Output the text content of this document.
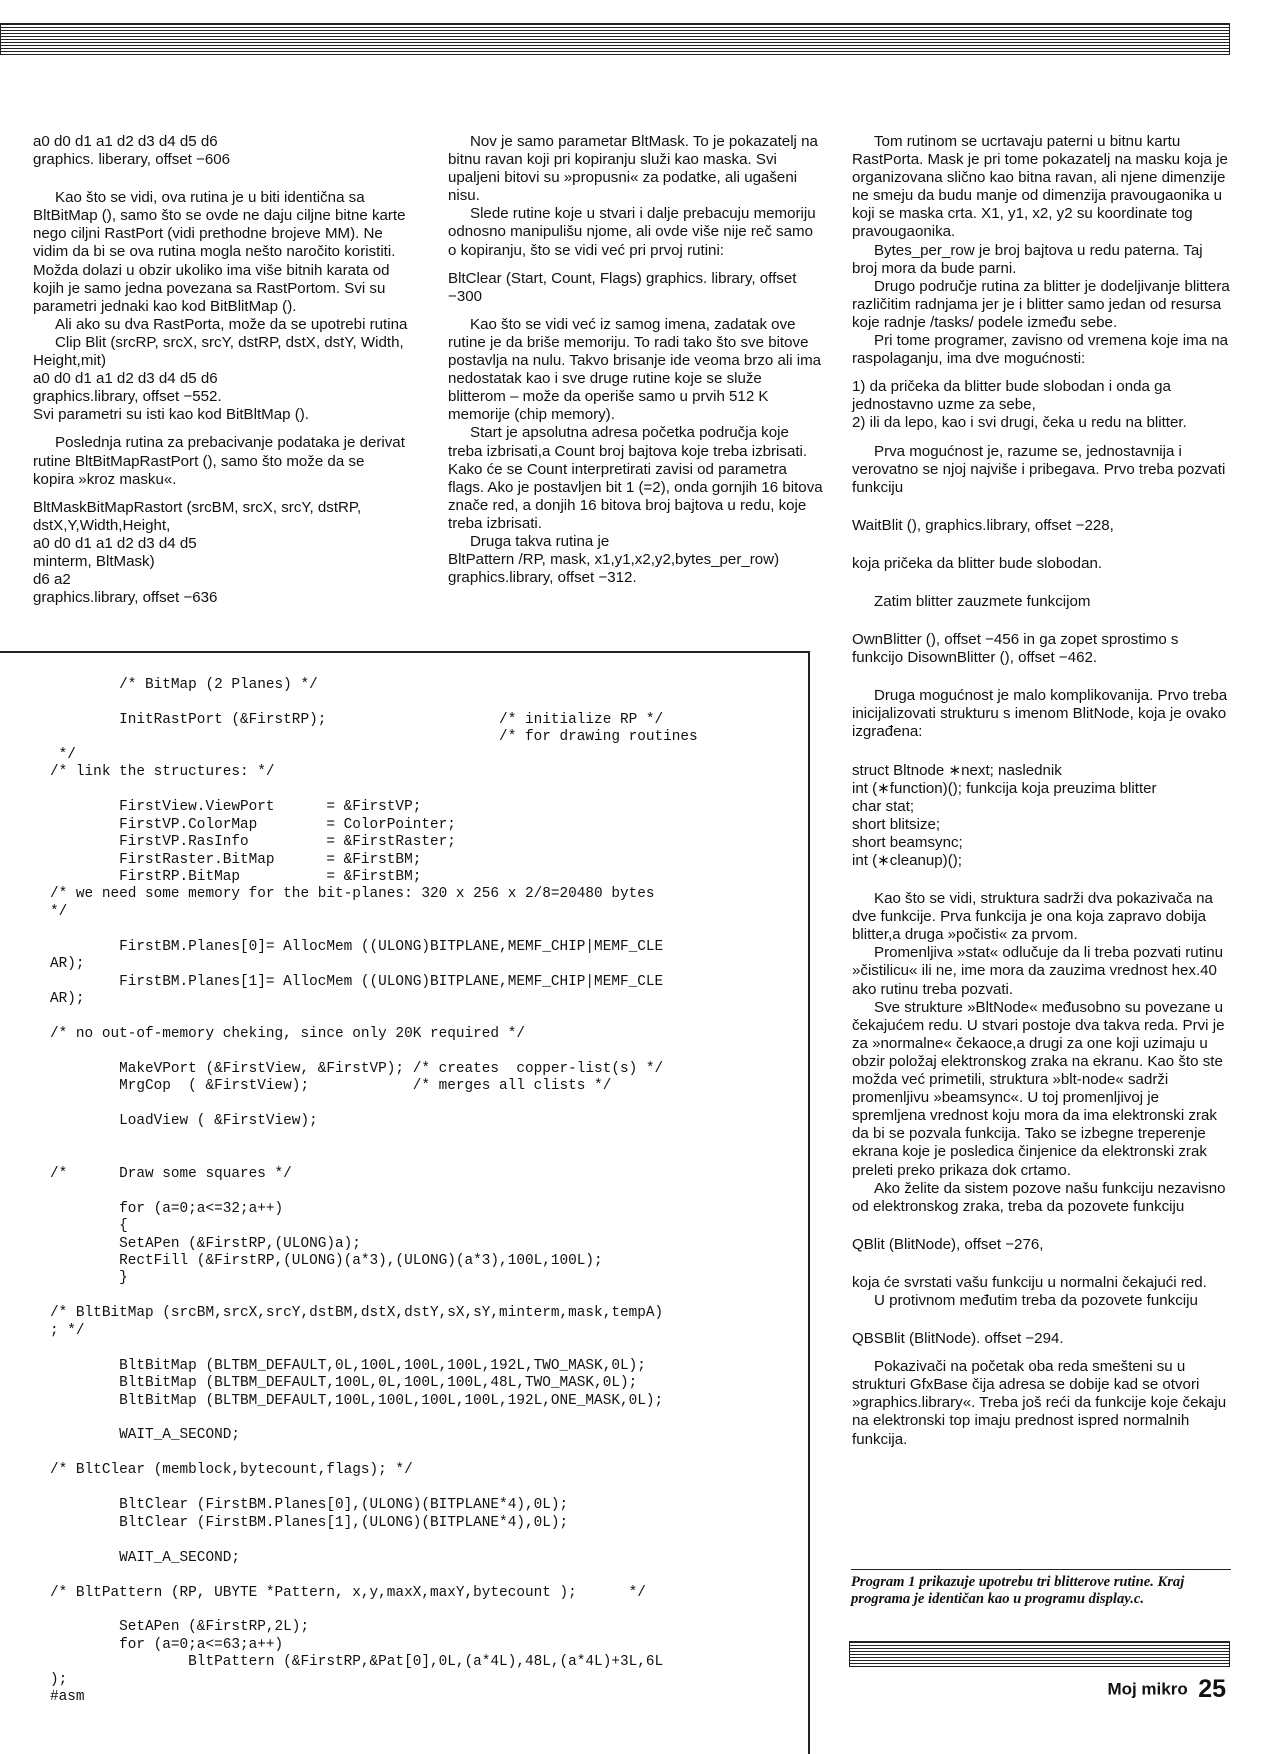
a0 d0 d1 a1 d2 d3 d4 d5 d6

graphics. liberary, offset −606

Kao što se vidi, ova rutina je u biti identična sa BltBitMap (), samo što se ovde ne daju ciljne bitne karte nego ciljni RastPort (vidi prethodne brojeve MM). Ne vidim da bi se ova rutina mogla nešto naročito koristiti. Možda dolazi u obzir ukoliko ima više bitnih karata od kojih je samo jedna povezana sa RastPortom. Svi su parametri jednaki kao kod BitBlitMap ().

Ali ako su dva RastPorta, može da se upotrebi rutina

Clip Blit (srcRP, srcX, srcY, dstRP, dstX, dstY, Width, Height,mit)

a0 d0 d1 a1 d2 d3 d4 d5 d6

graphics.library, offset −552.

Svi parametri su isti kao kod BitBltMap ().

Poslednja rutina za prebacivanje podataka je derivat rutine BltBitMapRastPort (), samo što može da se kopira »kroz masku«.

BltMaskBitMapRastort (srcBM, srcX, srcY, dstRP, dstX,Y,Width,Height,

a0 d0 d1 a1 d2 d3 d4 d5

minterm, BltMask)

d6 a2

graphics.library, offset −636

Nov je samo parametar BltMask. To je pokazatelj na bitnu ravan koji pri kopiranju služi kao maska. Svi upaljeni bitovi su »propusni« za podatke, ali ugašeni nisu.

Slede rutine koje u stvari i dalje prebacuju memoriju odnosno manipulišu njome, ali ovde više nije reč samo o kopiranju, što se vidi već pri prvoj rutini:

BltClear (Start, Count, Flags) graphics. library, offset −300

Kao što se vidi već iz samog imena, zadatak ove rutine je da briše memoriju. To radi tako što sve bitove postavlja na nulu. Takvo brisanje ide veoma brzo ali ima nedostatak kao i sve druge rutine koje se služe blitterom – može da operiše samo u prvih 512 K memorije (chip memory).

Start je apsolutna adresa početka područja koje treba izbrisati,a Count broj bajtova koje treba izbrisati. Kako će se Count interpretirati zavisi od parametra flags. Ako je postavljen bit 1 (=2), onda gornjih 16 bitova znače red, a donjih 16 bitova broj bajtova u redu, koje treba izbrisati.

Druga takva rutina je

BltPattern /RP, mask, x1,y1,x2,y2,bytes_per_row)

graphics.library, offset −312.

Tom rutinom se ucrtavaju paterni u bitnu kartu RastPorta. Mask je pri tome pokazatelj na masku koja je organizovana slično kao bitna ravan, ali njene dimenzije ne smeju da budu manje od dimenzija pravougaonika u koji se maska crta. X1, y1, x2, y2 su koordinate tog pravougaonika.

Bytes_per_row je broj bajtova u redu paterna. Taj broj mora da bude parni.

Drugo područje rutina za blitter je dodeljivanje blittera različitim radnjama jer je i blitter samo jedan od resursa koje radnje /tasks/ podele između sebe.

Pri tome programer, zavisno od vremena koje ima na raspolaganju, ima dve mogućnosti:

1) da pričeka da blitter bude slobodan i onda ga jednostavno uzme za sebe,

2) ili da lepo, kao i svi drugi, čeka u redu na blitter.

Prva mogućnost je, razume se, jednostavnija i verovatno se njoj najviše i pribegava. Prvo treba pozvati funkciju

WaitBlit (), graphics.library, offset −228,

koja pričeka da blitter bude slobodan.

Zatim blitter zauzmete funkcijom

OwnBlitter (), offset −456 in ga zopet sprostimo s funkcijo DisownBlitter (), offset −462.

Druga mogućnost je malo komplikovanija. Prvo treba inicijalizovati strukturu s imenom BlitNode, koja je ovako izgrađena:

struct Bltnode ∗next; naslednik

int (∗function)(); funkcija koja preuzima blitter

char stat;

short blitsize;

short beamsync;

int (∗cleanup)();

Kao što se vidi, struktura sadrži dva pokazivača na dve funkcije. Prva funkcija je ona koja zapravo dobija blitter,a druga »počisti« za prvom.

Promenljiva »stat« odlučuje da li treba pozvati rutinu »čistilicu« ili ne, ime mora da zauzima vrednost hex.40 ako rutinu treba pozvati.

Sve strukture »BltNode« međusobno su povezane u čekajućem redu. U stvari postoje dva takva reda. Prvi je za »normalne« čekaoce,a drugi za one koji uzimaju u obzir položaj elektronskog zraka na ekranu. Kao što ste možda već primetili, struktura »blt-node« sadrži promenljivu »beamsync«. U toj promenljivoj je spremljena vrednost koju mora da ima elektronski zrak da bi se pozvala funkcija. Tako se izbegne treperenje ekrana koje je posledica činjenice da elektronski zrak preleti preko prikaza dok crtamo.

Ako želite da sistem pozove našu funkciju nezavisno od elektronskog zraka, treba da pozovete funkciju

QBlit (BlitNode), offset −276,

koja će svrstati vašu funkciju u normalni čekajući red.

U protivnom međutim treba da pozovete funkciju

QBSBlit (BlitNode). offset −294.

Pokazivači na početak oba reda smešteni su u strukturi GfxBase čija adresa se dobije kad se otvori »graphics.library«. Treba još reći da funkcije koje čekaju na elektronski top imaju prednost ispred normalnih funkcija.

/* BitMap (2 Planes) */

InitRastPort (&FirstRP);                    /* initialize RP */
/* for drawing routines
*/
/* link the structures: */

FirstView.ViewPort      = &FirstVP;
FirstVP.ColorMap        = ColorPointer;
FirstVP.RasInfo         = &FirstRaster;
FirstRaster.BitMap      = &FirstBM;
FirstRP.BitMap          = &FirstBM;
/* we need some memory for the bit-planes: 320 x 256 x 2/8=20480 bytes
*/

FirstBM.Planes[0]= AllocMem ((ULONG)BITPLANE,MEMF_CHIP|MEMF_CLE
AR);
FirstBM.Planes[1]= AllocMem ((ULONG)BITPLANE,MEMF_CHIP|MEMF_CLE
AR);

/* no out-of-memory cheking, since only 20K required */

MakeVPort (&FirstView, &FirstVP); /* creates  copper-list(s) */
MrgCop  ( &FirstView);            /* merges all clists */

LoadView ( &FirstView);

/*      Draw some squares */

for (a=0;a<=32;a++)
{
SetAPen (&FirstRP,(ULONG)a);
RectFill (&FirstRP,(ULONG)(a*3),(ULONG)(a*3),100L,100L);
}

/* BltBitMap (srcBM,srcX,srcY,dstBM,dstX,dstY,sX,sY,minterm,mask,tempA)
; */

BltBitMap (BLTBM_DEFAULT,0L,100L,100L,100L,192L,TWO_MASK,0L);
BltBitMap (BLTBM_DEFAULT,100L,0L,100L,100L,48L,TWO_MASK,0L);
BltBitMap (BLTBM_DEFAULT,100L,100L,100L,100L,192L,ONE_MASK,0L);

WAIT_A_SECOND;

/* BltClear (memblock,bytecount,flags); */

BltClear (FirstBM.Planes[0],(ULONG)(BITPLANE*4),0L);
BltClear (FirstBM.Planes[1],(ULONG)(BITPLANE*4),0L);

WAIT_A_SECOND;

/* BltPattern (RP, UBYTE *Pattern, x,y,maxX,maxY,bytecount );      */

SetAPen (&FirstRP,2L);
for (a=0;a<=63;a++)
BltPattern (&FirstRP,&Pat[0],0L,(a*4L),48L,(a*4L)+3L,6L
);
#asm
Program 1 prikazuje upotrebu tri blitterove rutine. Kraj programa je identičan kao u programu display.c.
Moj mikro 25
